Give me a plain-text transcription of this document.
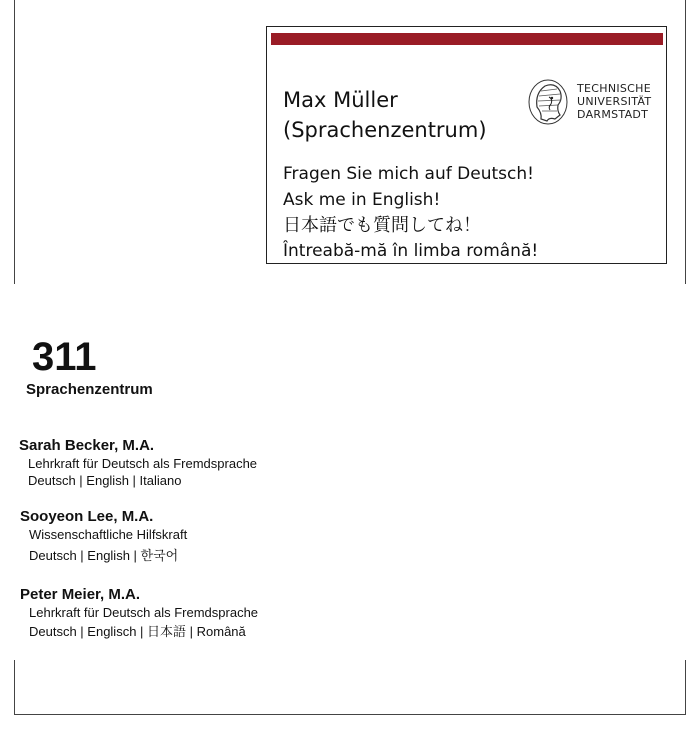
Max Müller
(Sprachenzentrum)
TECHNISCHE
UNIVERSITÄT
DARMSTADT
Fragen Sie mich auf Deutsch!
Ask me in English!
日本語でも質問してね！
Întreabă-mă în limba română!
311
Sprachenzentrum
Sarah Becker, M.A.
Lehrkraft für Deutsch als Fremdsprache
Deutsch | English | Italiano
Sooyeon Lee, M.A.
Wissenschaftliche Hilfskraft
Deutsch | English | 한국어
Peter Meier, M.A.
Lehrkraft für Deutsch als Fremdsprache
Deutsch | Englisch | 日本語 | Română
